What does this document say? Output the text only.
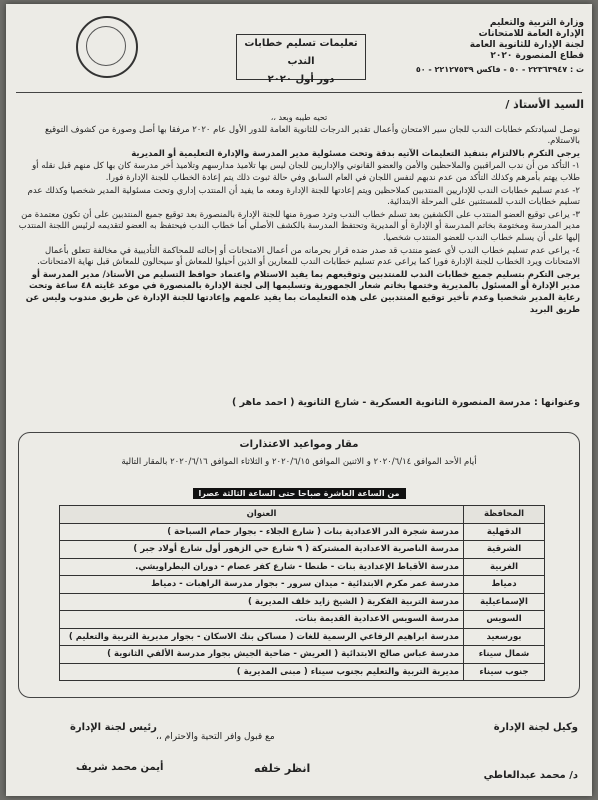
وزارة التربية والتعليم
الإدارة العامة للامتحانات
لجنة الإدارة للثانوية العامة
قطاع المنصورة ٢٠٢٠
ت : ٢٢٣٦٣٩٤٧ - ٥٠ - فاكس ٢٢١٢٧٥٣٩ - ٥٠
تعليمات تسليم خطابات الندب
دور أول ٢٠٢٠
السيد الأستاذ /

تحيه طيبه وبعد ،،

نوصل لسيادتكم خطابات الندب للجان سير الامتحان وأعمال تقدير الدرجات للثانوية العامة للدور الأول عام ٢٠٢٠ مرفقا بها أصل وصورة من كشوف التوقيع بالاستلام.

يرجى التكرم بالالتزام بتنفيذ التعليمات الآتيه بدقة وتحت مسئولية مدير المدرسة والإدارة التعليمية أو المديرية

١- التأكد من أن ندب المراقبين والملاحظين والأمن والعضو القانوني والإداريين للجان ليس بها تلاميذ مدارسهم وتلاميذ أخر مدرسة كان بها كل منهم قبل نقله أو طلاب يهتم بأمرهم وكذلك التأكد من عدم ندبهم لنفس اللجان في العام السابق وفي حالة ثبوت ذلك يتم إعادة الخطاب للجنة الإدارة فورا.

٢- عدم تسليم خطابات الندب للإداريين المنتدبين كملاحظين ويتم إعادتها للجنة الإدارة ومعه ما يفيد أن المنتدب إداري وتحت مسئولية المدير شخصيا وكذلك عدم تسليم خطابات الندب للمستثنين على المرحلة الابتدائية.

٣- يراعى توقيع العضو المنتدب على الكشفين بعد تسلم خطاب الندب وترد صورة منها للجنة الإدارة بالمنصورة بعد توقيع جميع المنتدبين على أن تكون معتمدة من مدير المدرسة ومختومة بخاتم المدرسة أو الإدارة أو المديرية وتحتفظ المدرسة بالكشف الأصلي أما خطاب الندب فيحتفظ به العضو لتقديمه لرئيس اللجنة المنتدب إليها على أن يسلم خطاب الندب للعضو المنتدب شخصيا.

٤- يراعى عدم تسليم خطاب الندب لأي عضو منتدب قد صدر ضده قرار بحرمانه من أعمال الامتحانات أو إحالته للمحاكمة التأديبية في مخالفة تتعلق بأعمال الامتحانات ويرد الخطاب للجنة الإدارة فورا كما يراعى عدم تسليم خطابات الندب للمعارين أو الذين أحيلوا للمعاش أو سيحالون للمعاش قبل نهاية الامتحانات.

يرجى التكرم بتسليم جميع خطابات الندب للمنتدبين وتوقيعهم بما يفيد الاستلام واعتماد حوافظ التسليم من الأستاذ/ مدير المدرسة أو مدير الإدارة أو المسئول بالمديرية وختمها بخاتم شعار الجمهورية وتسليمها إلى لجنة الإدارة بالمنصورة في موعد غايته ٤٨ ساعة وتحت رعاية المدير شخصيا وعدم تأخير توقيع المنتدبين على هذه التعليمات بما يفيد علمهم وإعادتها للجنة الإدارة عن طريق مندوب وليس عن طريق البريد

وعنوانها : مدرسة المنصورة الثانوية العسكرية - شارع الثانوية ( احمد ماهر )
مقار ومواعيد الاعتذارات
أيام الأحد الموافق ٢٠٢٠/٦/١٤ و الاثنين الموافق ٢٠٢٠/٦/١٥ و الثلاثاء الموافق ٢٠٢٠/٦/١٦ بالمقار التالية
من الساعة العاشرة صباحا حتى الساعة الثالثة عصرا
المحافظة	العنوان
الدقهلية	مدرسة شجرة الدر الاعدادية بنات ( شارع الجلاء - بجوار حمام السباحة )
الشرقية	مدرسة الناصرية الاعدادية المشتركة ( ٩ شارع حي الزهور أول شارع أولاد جبر )
الغربية	مدرسة الأقباط الإعدادية بنات - طنطا - شارع كفر عصام - دوران البطراويشي.
دمياط	مدرسة عمر مكرم الابتدائية - ميدان سرور - بجوار مدرسة الراهبات - دمياط
الإسماعيلية	مدرسة التربية الفكرية ( الشيخ زايد خلف المديرية )
السويس	مدرسة السويس الاعدادية القديمة بنات.
بورسعيد	مدرسة ابراهيم الرفاعي الرسمية للغات ( مساكن بنك الاسكان - بجوار مديرية التربية والتعليم )
شمال سيناء	مدرسة عباس صالح الابتدائية ( العريش - ضاحية الجيش بجوار مدرسة الألفي الثانوية )
جنوب سيناء	مديرية التربية والتعليم بجنوب سيناء ( مبنى المديرية )
مع قبول وافر التحية والاحترام ،،
وكيل لجنة الإدارة
د/ محمد عبدالعاطي
رئيس لجنة الإدارة
أيمن محمد شريف	انظر خلفه
